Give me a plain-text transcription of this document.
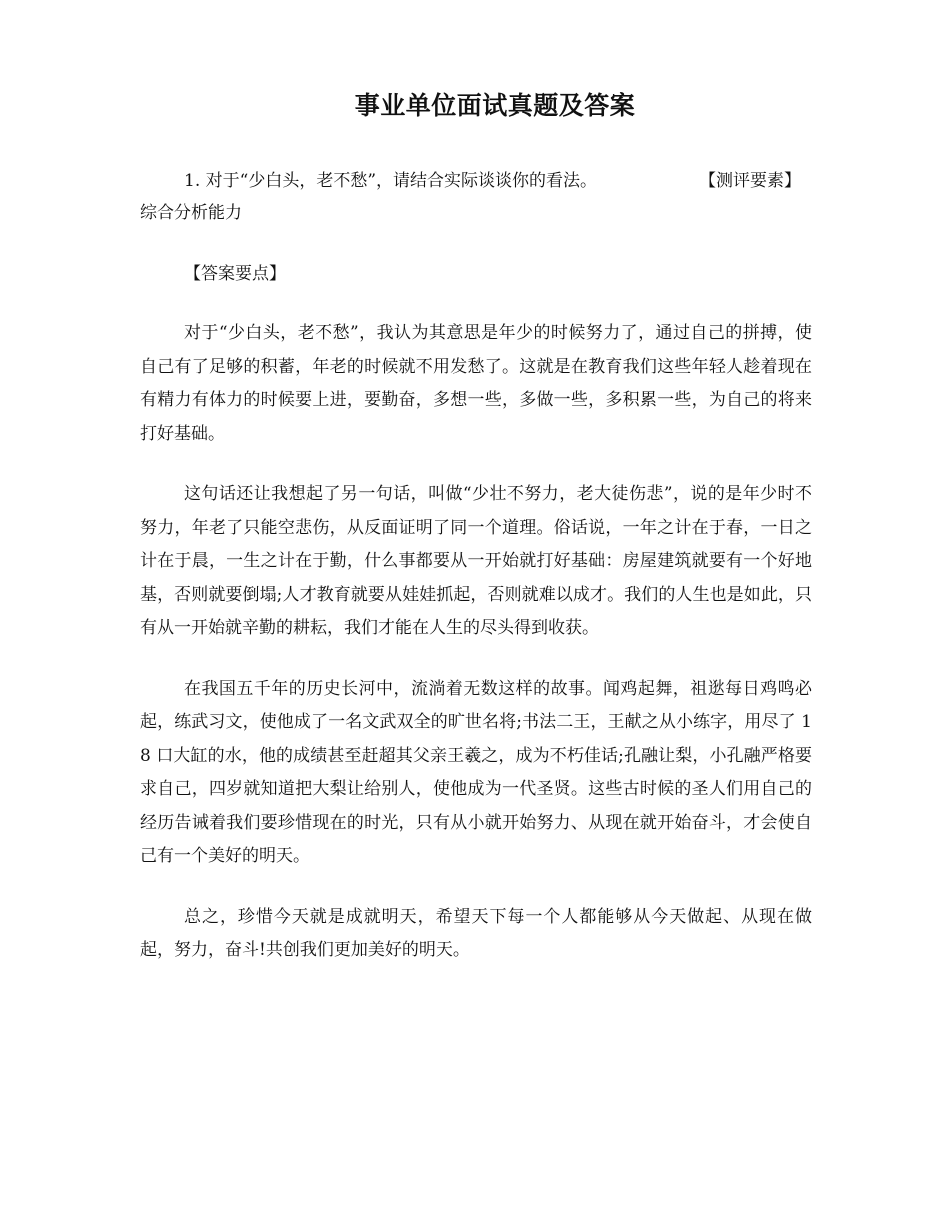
事业单位面试真题及答案
1. 对于“少白头，老不愁”，请结合实际谈谈你的看法。	【测评要素】
综合分析能力

【答案要点】

对于“少白头，老不愁”，我认为其意思是年少的时候努力了，通过自己的拼搏，使自己有了足够的积蓄，年老的时候就不用发愁了。这就是在教育我们这些年轻人趁着现在有精力有体力的时候要上进，要勤奋，多想一些，多做一些，多积累一些，为自己的将来打好基础。

这句话还让我想起了另一句话，叫做“少壮不努力，老大徒伤悲”，说的是年少时不努力，年老了只能空悲伤，从反面证明了同一个道理。俗话说，一年之计在于春，一日之计在于晨，一生之计在于勤，什么事都要从一开始就打好基础：房屋建筑就要有一个好地基，否则就要倒塌;人才教育就要从娃娃抓起，否则就难以成才。我们的人生也是如此，只有从一开始就辛勤的耕耘，我们才能在人生的尽头得到收获。

在我国五千年的历史长河中，流淌着无数这样的故事。闻鸡起舞，祖逖每日鸡鸣必起，练武习文，使他成了一名文武双全的旷世名将;书法二王，王献之从小练字，用尽了 18 口大缸的水，他的成绩甚至赶超其父亲王羲之，成为不朽佳话;孔融让梨，小孔融严格要求自己，四岁就知道把大梨让给别人，使他成为一代圣贤。这些古时候的圣人们用自己的经历告诫着我们要珍惜现在的时光，只有从小就开始努力、从现在就开始奋斗，才会使自己有一个美好的明天。

总之，珍惜今天就是成就明天，希望天下每一个人都能够从今天做起、从现在做起，努力，奋斗!共创我们更加美好的明天。
